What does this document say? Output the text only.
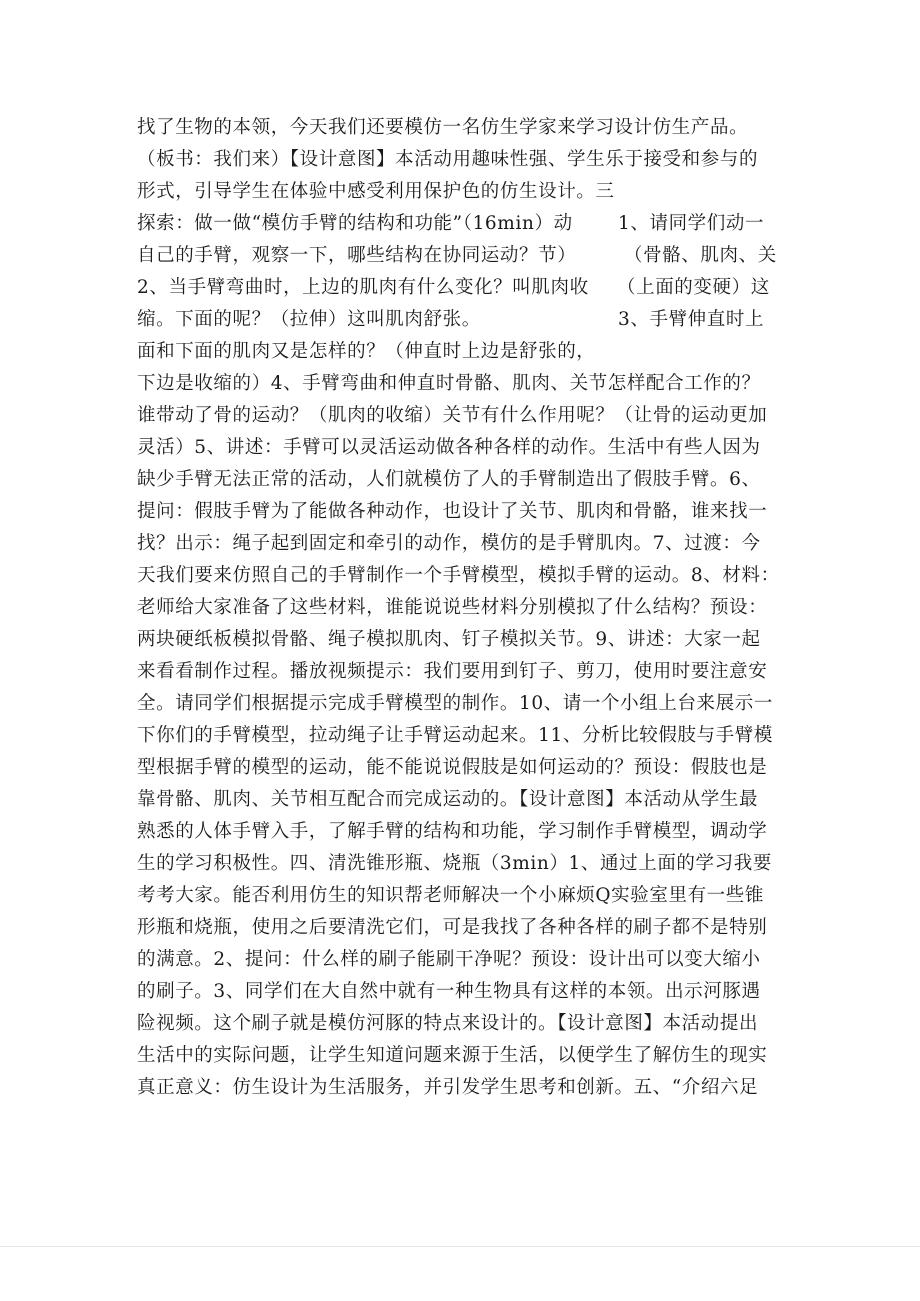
找了生物的本领，今天我们还要模仿一名仿生学家来学习设计仿生产品。
（板书：我们来）【设计意图】本活动用趣味性强、学生乐于接受和参与的
形式，引导学生在体验中感受利用保护色的仿生设计。三
探索：做一做“模仿手臂的结构和功能”（16min）动 1、请同学们动一
自己的手臂，观察一下，哪些结构在协同运动？节）	（骨骼、肌肉、关
2、当手臂弯曲时，上边的肌肉有什么变化？叫肌肉收 （上面的变硬）这
缩。下面的呢？（拉伸）这叫肌肉舒张。	3、手臂伸直时上
面和下面的肌肉又是怎样的？（伸直时上边是舒张的，
下边是收缩的）4、手臂弯曲和伸直时骨骼、肌肉、关节怎样配合工作的？
谁带动了骨的运动？（肌肉的收缩）关节有什么作用呢？（让骨的运动更加
灵活）5、讲述：手臂可以灵活运动做各种各样的动作。生活中有些人因为
缺少手臂无法正常的活动，人们就模仿了人的手臂制造出了假肢手臂。6、
提问：假肢手臂为了能做各种动作，也设计了关节、肌肉和骨骼，谁来找一
找？出示：绳子起到固定和牵引的动作，模仿的是手臂肌肉。7、过渡：今
天我们要来仿照自己的手臂制作一个手臂模型，模拟手臂的运动。8、材料：
老师给大家准备了这些材料，谁能说说些材料分别模拟了什么结构？预设：
两块硬纸板模拟骨骼、绳子模拟肌肉、钉子模拟关节。9、讲述：大家一起
来看看制作过程。播放视频提示：我们要用到钉子、剪刀，使用时要注意安
全。请同学们根据提示完成手臂模型的制作。10、请一个小组上台来展示一
下你们的手臂模型，拉动绳子让手臂运动起来。11、分析比较假肢与手臂模
型根据手臂的模型的运动，能不能说说假肢是如何运动的？预设：假肢也是
靠骨骼、肌肉、关节相互配合而完成运动的。【设计意图】本活动从学生最
熟悉的人体手臂入手，了解手臂的结构和功能，学习制作手臂模型，调动学
生的学习积极性。四、清洗锥形瓶、烧瓶（3min）1、通过上面的学习我要
考考大家。能否利用仿生的知识帮老师解决一个小麻烦Q实验室里有一些锥
形瓶和烧瓶，使用之后要清洗它们，可是我找了各种各样的刷子都不是特别
的满意。2、提问：什么样的刷子能刷干净呢？预设：设计出可以变大缩小
的刷子。3、同学们在大自然中就有一种生物具有这样的本领。出示河豚遇
险视频。这个刷子就是模仿河豚的特点来设计的。【设计意图】本活动提出
生活中的实际问题，让学生知道问题来源于生活，以便学生了解仿生的现实
真正意义：仿生设计为生活服务，并引发学生思考和创新。五、“介绍六足
